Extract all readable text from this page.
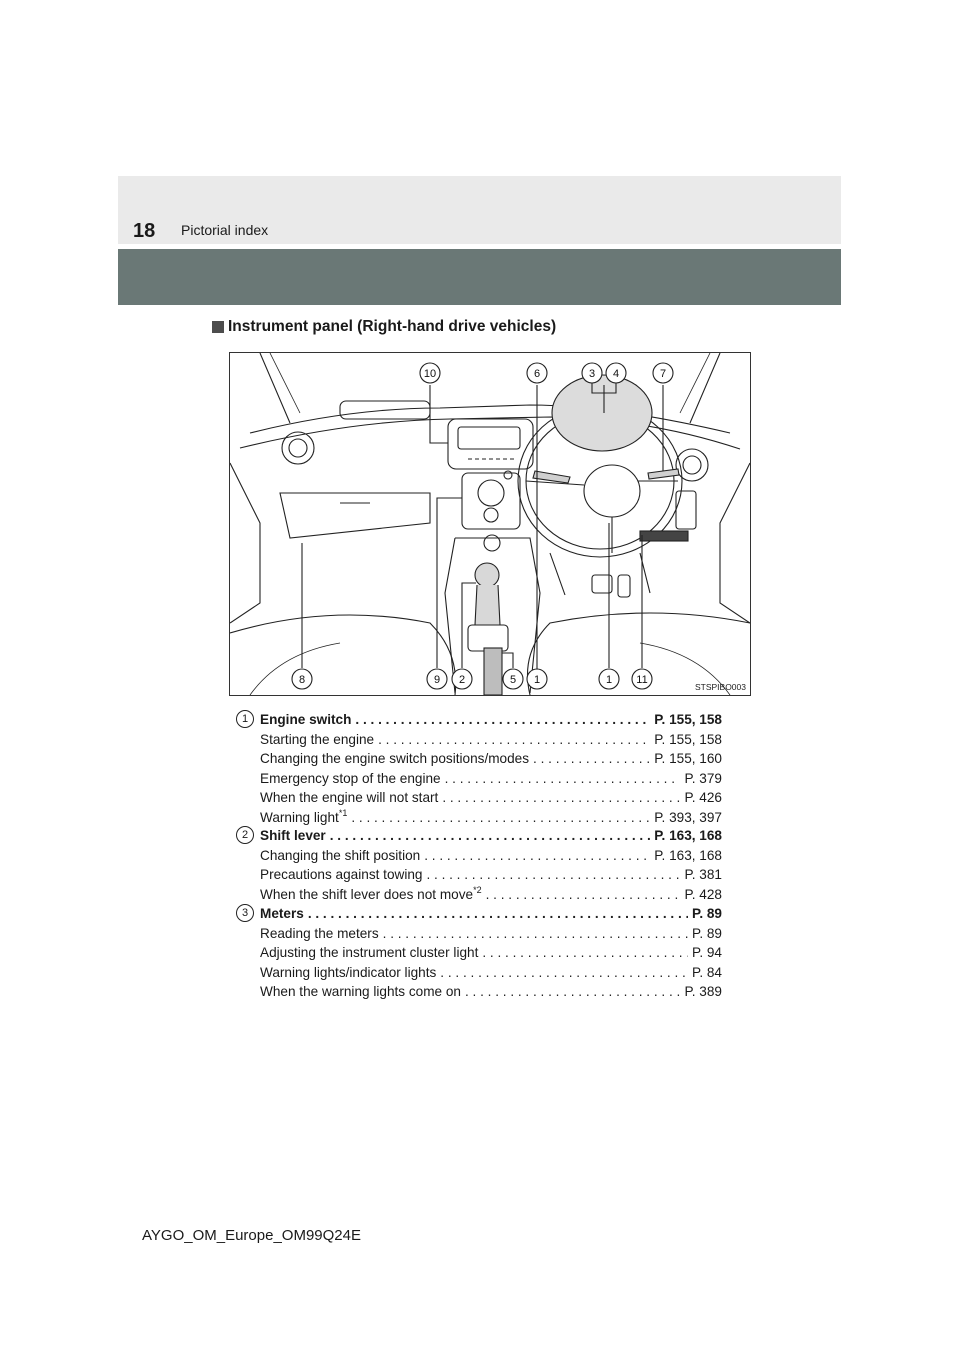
18 Pictorial index
Instrument panel (Right-hand drive vehicles)
10	6	3 4	7
8	9 2	5 1	1 11
STSPIBO003
1 Engine switch . . .	P. 155, 158
Starting the engine . . .	P. 155, 158
Changing the engine switch positions/modes . . .	P. 155, 160
Emergency stop of the engine . . .	P. 379
When the engine will not start . . .	P. 426
Warning light$^{*1}$ . . .	P. 393, 397
2 Shift lever . . .	P. 163, 168
Changing the shift position . . .	P. 163, 168
Precautions against towing . . .	P. 381
When the shift lever does not move$^{*2}$ . . .	P. 428
3 Meters . . .	P. 89
Reading the meters . . .	P. 89
Adjusting the instrument cluster light . . .	P. 94
Warning lights/indicator lights . . .	P. 84
When the warning lights come on . . .	P. 389
AYGO_OM_Europe_OM99Q24E
